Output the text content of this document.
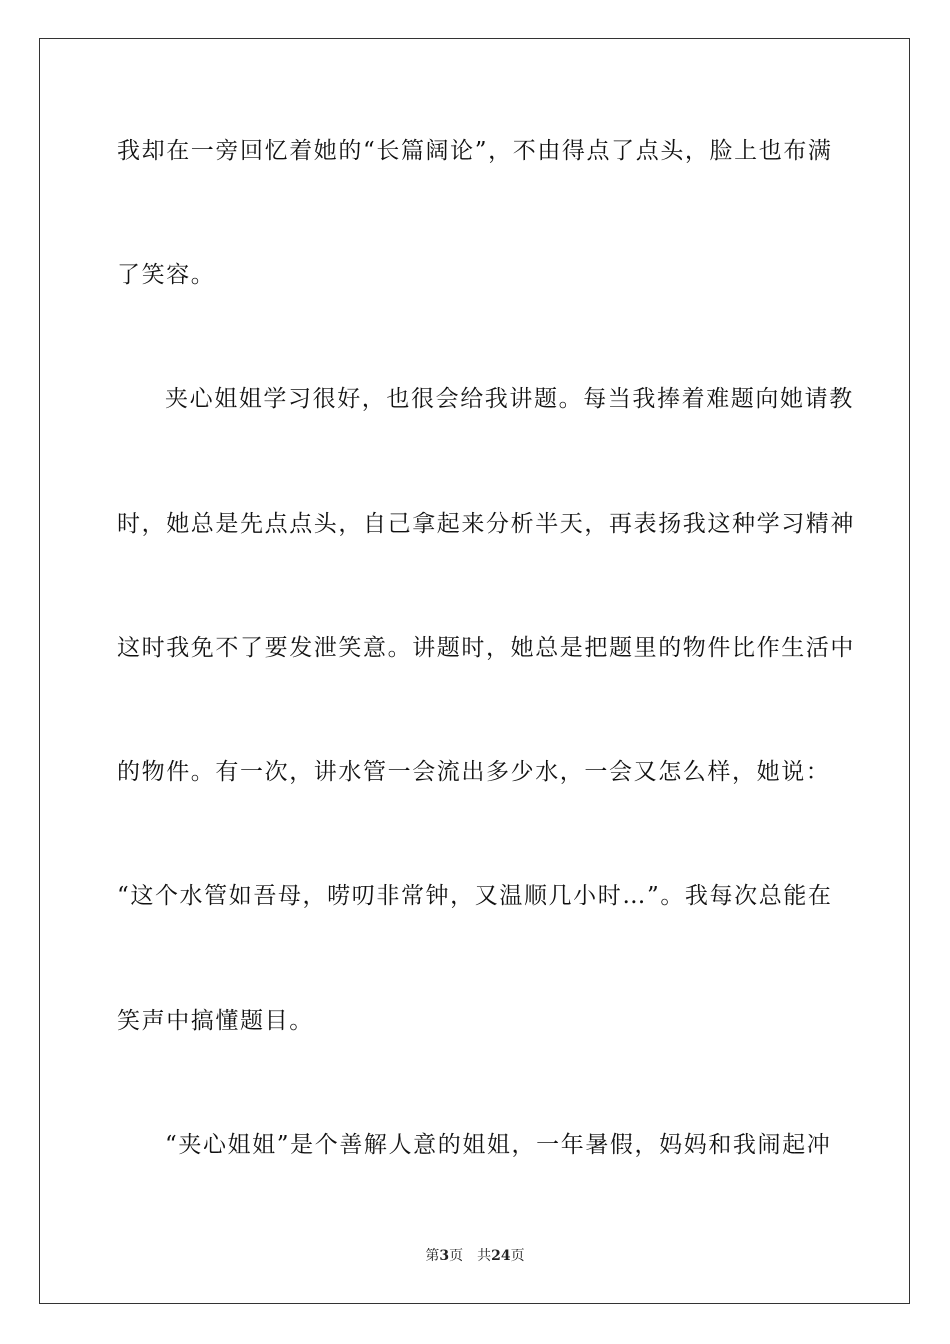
我却在一旁回忆着她的“长篇阔论”，不由得点了点头，脸上也布满
了笑容。
夹心姐姐学习很好，也很会给我讲题。每当我捧着难题向她请教
时，她总是先点点头，自己拿起来分析半天，再表扬我这种学习精神
这时我免不了要发泄笑意。讲题时，她总是把题里的物件比作生活中
的物件。有一次，讲水管一会流出多少水，一会又怎么样，她说：
“这个水管如吾母，唠叨非常钟，又温顺几小时…”。我每次总能在
笑声中搞懂题目。
“夹心姐姐”是个善解人意的姐姐，一年暑假，妈妈和我闹起冲
第3页 共24页
